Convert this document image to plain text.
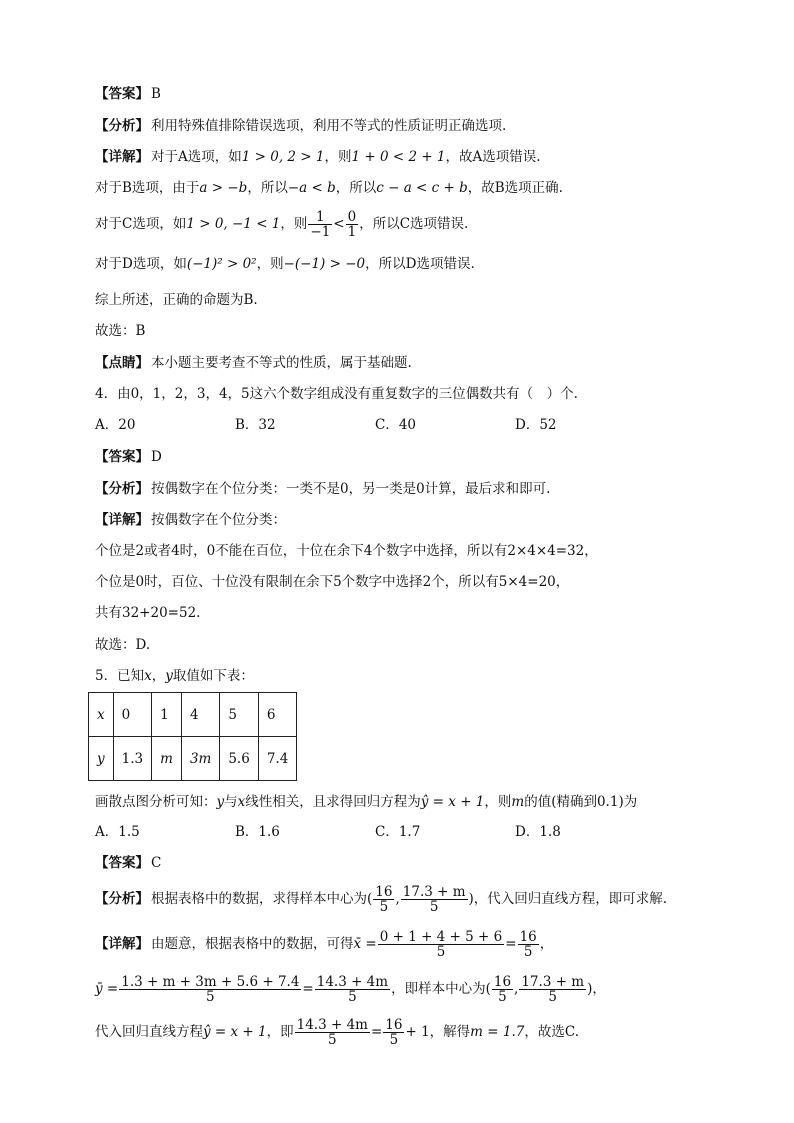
【答案】 B
【分析】 利用特殊值排除错误选项，利用不等式的性质证明正确选项.
【详解】 对于A选项，如1 > 0, 2 > 1，则1 + 0 < 2 + 1，故A选项错误.
对于B选项，由于a > −b，所以−a < b，所以c − a < c + b，故B选项正确.
对于C选项，如1 > 0, −1 < 1，则 $\frac{1}{-1} < \frac{0}{1}$ ，所以C选项错误.
对于D选项，如(−1)² > 0²，则−(−1) > −0，所以D选项错误.
综上所述，正确的命题为B.
故选：B
【点睛】 本小题主要考查不等式的性质，属于基础题.
4．由0，1，2，3，4，5这六个数字组成没有重复数字的三位偶数共有（　）个.
A．20	B．32	C．40	D．52
【答案】 D
【分析】 按偶数字在个位分类：一类不是0，另一类是0计算，最后求和即可.
【详解】 按偶数字在个位分类：
个位是2或者4时，0不能在百位，十位在余下4个数字中选择，所以有2×4×4=32，
个位是0时，百位、十位没有限制在余下5个数字中选择2个，所以有5×4=20，
共有32+20=52.
故选：D.
5．已知x，y取值如下表：
x	0	1	4	5	6
y	1.3	m	3m	5.6	7.4
画散点图分析可知：y与x线性相关，且求得回归方程为ŷ = x + 1，则m的值(精确到0.1)为
A．1.5	B．1.6	C．1.7	D．1.8
【答案】 C
【分析】 根据表格中的数据，求得样本中心为( $\frac{16}{5}$ , $\frac{17.3 + m}{5}$ )，代入回归直线方程，即可求解.
【详解】 由题意，根据表格中的数据，可得x̄ = $\frac{0 + 1 + 4 + 5 + 6}{5} = \frac{16}{5}$ ，
ȳ = $\frac{1.3 + m + 3m + 5.6 + 7.4}{5} = \frac{14.3 + 4m}{5}$ ，即样本中心为( $\frac{16}{5}$ , $\frac{17.3 + m}{5}$ )，
代入回归直线方程ŷ = x + 1，即 $\frac{14.3 + 4m}{5} = \frac{16}{5} + 1$，解得m = 1.7，故选C.
